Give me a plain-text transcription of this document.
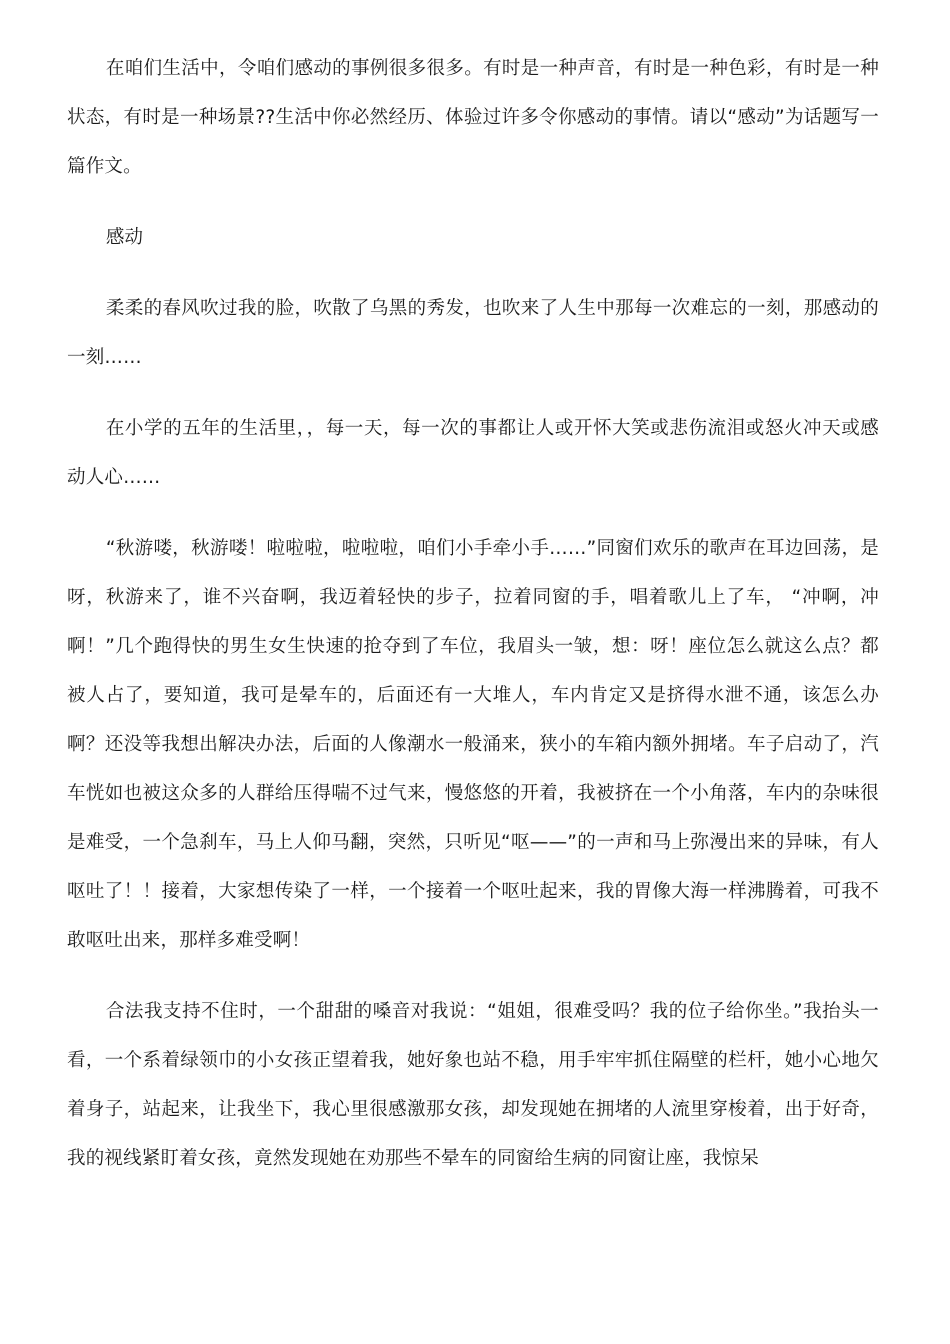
在咱们生活中，令咱们感动的事例很多很多。有时是一种声音，有时是一种色彩，有时是一种状态，有时是一种场景??生活中你必然经历、体验过许多令你感动的事情。请以“感动”为话题写一篇作文。

感动

柔柔的春风吹过我的脸，吹散了乌黑的秀发，也吹来了人生中那每一次难忘的一刻，那感动的一刻……

在小学的五年的生活里，，每一天，每一次的事都让人或开怀大笑或悲伤流泪或怒火冲天或感动人心……

“秋游喽，秋游喽！啦啦啦，啦啦啦，咱们小手牵小手……”同窗们欢乐的歌声在耳边回荡，是呀，秋游来了，谁不兴奋啊，我迈着轻快的步子，拉着同窗的手，唱着歌儿上了车， “冲啊，冲啊！”几个跑得快的男生女生快速的抢夺到了车位，我眉头一皱，想：呀！座位怎么就这么点？都被人占了，要知道，我可是晕车的，后面还有一大堆人，车内肯定又是挤得水泄不通，该怎么办啊？还没等我想出解决办法，后面的人像潮水一般涌来，狭小的车箱内额外拥堵。车子启动了，汽车恍如也被这众多的人群给压得喘不过气来，慢悠悠的开着，我被挤在一个小角落，车内的杂味很是难受，一个急刹车，马上人仰马翻，突然，只听见“呕——”的一声和马上弥漫出来的异味，有人呕吐了！！接着，大家想传染了一样，一个接着一个呕吐起来，我的胃像大海一样沸腾着，可我不敢呕吐出来，那样多难受啊！

合法我支持不住时，一个甜甜的嗓音对我说：“姐姐，很难受吗？我的位子给你坐。”我抬头一看，一个系着绿领巾的小女孩正望着我，她好象也站不稳，用手牢牢抓住隔壁的栏杆，她小心地欠着身子，站起来，让我坐下，我心里很感激那女孩，却发现她在拥堵的人流里穿梭着，出于好奇，我的视线紧盯着女孩，竟然发现她在劝那些不晕车的同窗给生病的同窗让座，我惊呆
